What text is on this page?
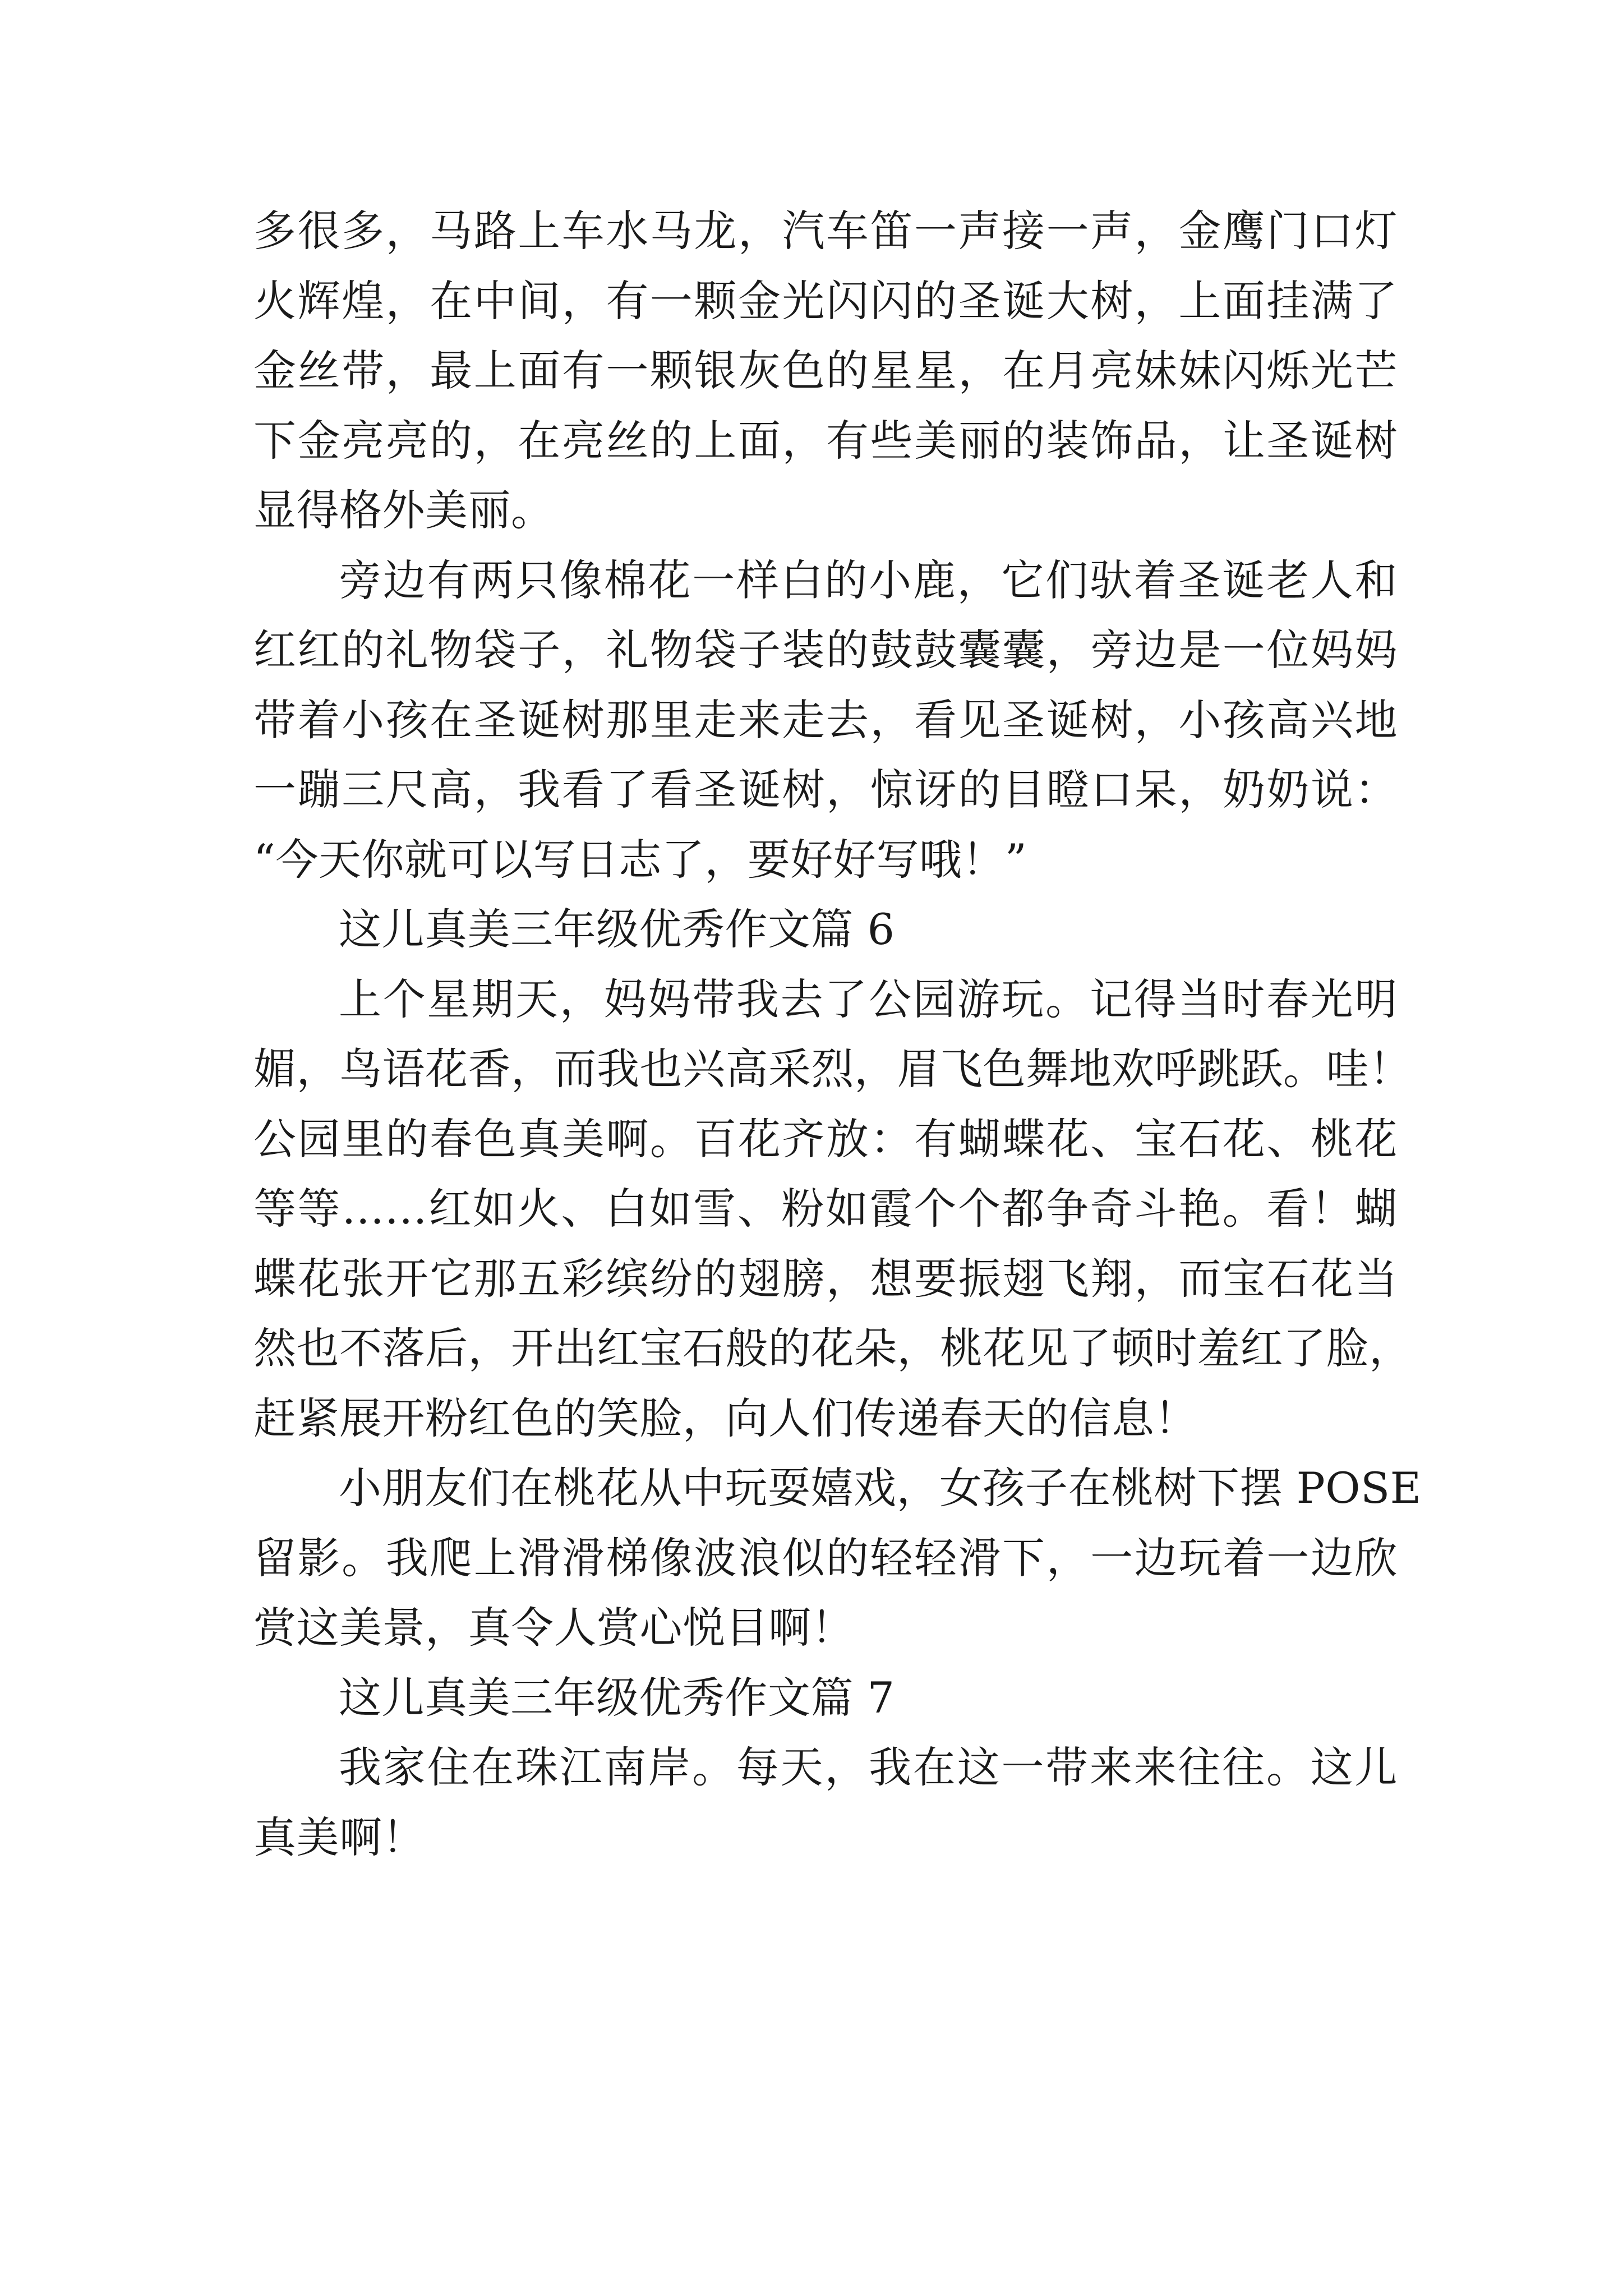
多很多，马路上车水马龙，汽车笛一声接一声，金鹰门口灯
火辉煌，在中间，有一颗金光闪闪的圣诞大树，上面挂满了
金丝带，最上面有一颗银灰色的星星，在月亮妹妹闪烁光芒
下金亮亮的，在亮丝的上面，有些美丽的装饰品，让圣诞树
显得格外美丽。
旁边有两只像棉花一样白的小鹿，它们驮着圣诞老人和
红红的礼物袋子，礼物袋子装的鼓鼓囊囊，旁边是一位妈妈
带着小孩在圣诞树那里走来走去，看见圣诞树，小孩高兴地
一蹦三尺高，我看了看圣诞树，惊讶的目瞪口呆，奶奶说：
“今天你就可以写日志了，要好好写哦！”
这儿真美三年级优秀作文篇 6
上个星期天，妈妈带我去了公园游玩。记得当时春光明
媚，鸟语花香，而我也兴高采烈，眉飞色舞地欢呼跳跃。哇！
公园里的春色真美啊。百花齐放：有蝴蝶花、宝石花、桃花
等等……红如火、白如雪、粉如霞个个都争奇斗艳。看！蝴
蝶花张开它那五彩缤纷的翅膀，想要振翅飞翔，而宝石花当
然也不落后，开出红宝石般的花朵，桃花见了顿时羞红了脸，
赶紧展开粉红色的笑脸，向人们传递春天的信息！
小朋友们在桃花从中玩耍嬉戏，女孩子在桃树下摆 POSE
留影。我爬上滑滑梯像波浪似的轻轻滑下，一边玩着一边欣
赏这美景，真令人赏心悦目啊！
这儿真美三年级优秀作文篇 7
我家住在珠江南岸。每天，我在这一带来来往往。这儿
真美啊！
